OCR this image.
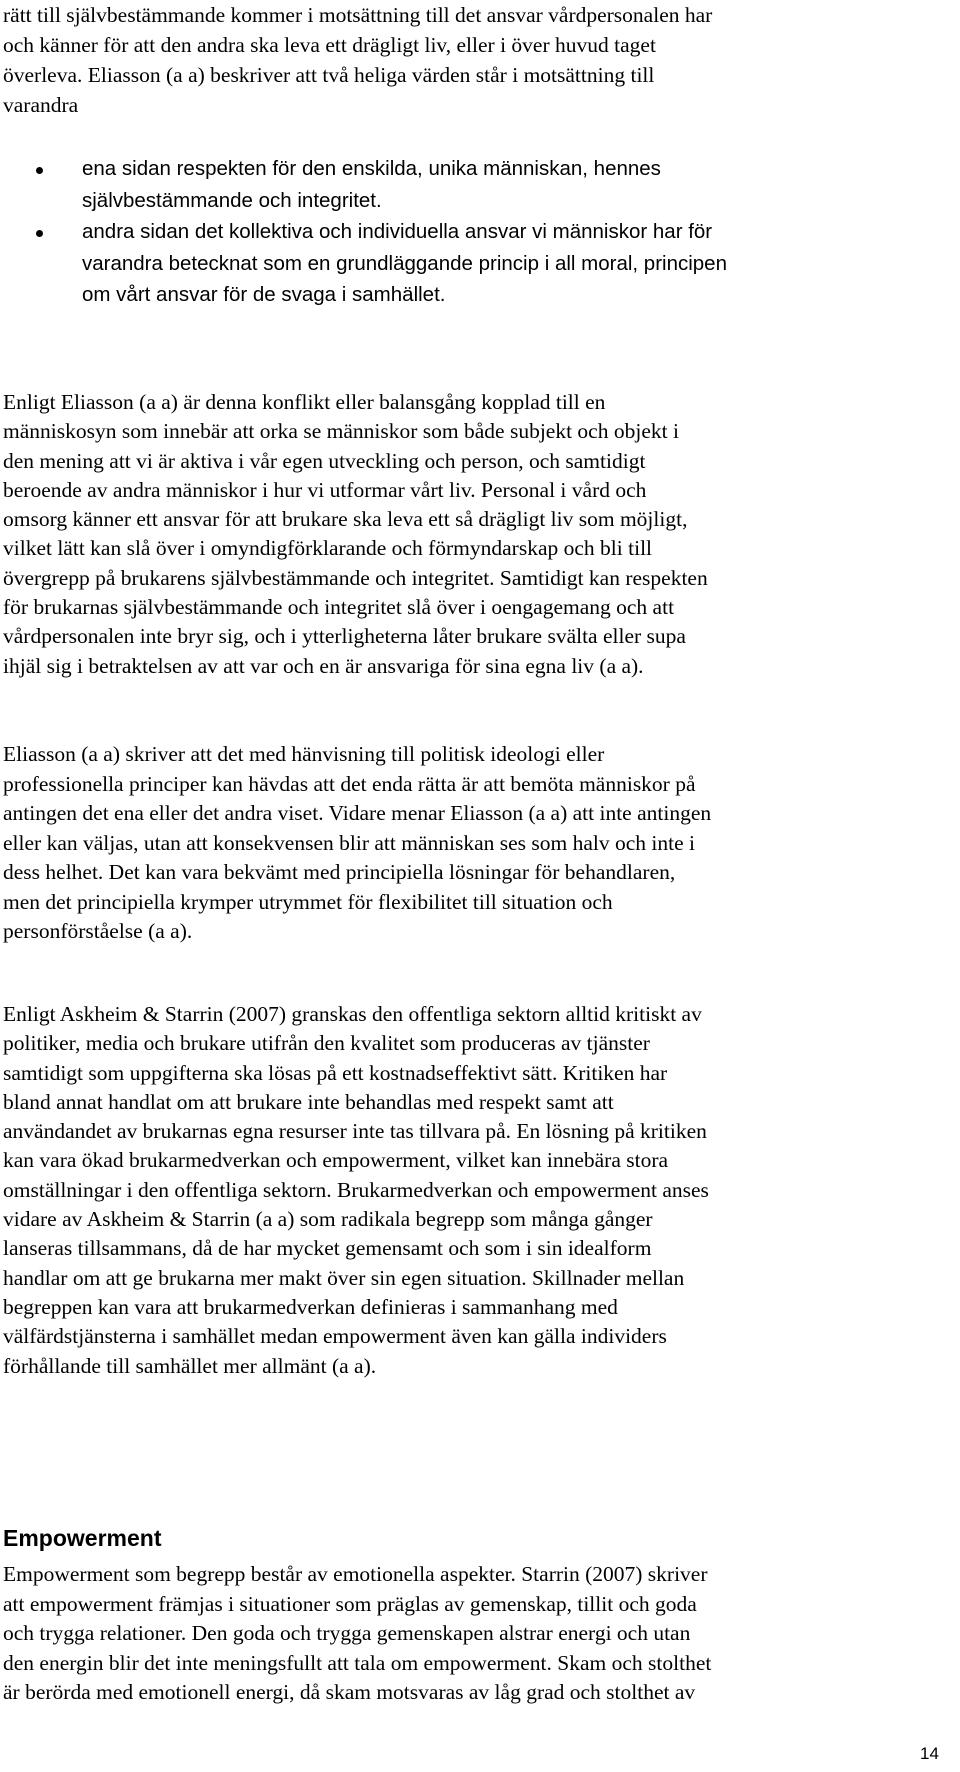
rätt till självbestämmande kommer i motsättning till det ansvar vårdpersonalen har
och känner för att den andra ska leva ett drägligt liv, eller i över huvud taget
överleva. Eliasson (a a) beskriver att två heliga värden står i motsättning till
varandra

ena sidan respekten för den enskilda, unika människan, hennes
självbestämmande och integritet.
andra sidan det kollektiva och individuella ansvar vi människor har för
varandra betecknat som en grundläggande princip i all moral, principen
om vårt ansvar för de svaga i samhället.

Enligt Eliasson (a a) är denna konflikt eller balansgång kopplad till en
människosyn som innebär att orka se människor som både subjekt och objekt i
den mening att vi är aktiva i vår egen utveckling och person, och samtidigt
beroende av andra människor i hur vi utformar vårt liv. Personal i vård och
omsorg känner ett ansvar för att brukare ska leva ett så drägligt liv som möjligt,
vilket lätt kan slå över i omyndigförklarande och förmyndarskap och bli till
övergrepp på brukarens självbestämmande och integritet. Samtidigt kan respekten
för brukarnas självbestämmande och integritet slå över i oengagemang och att
vårdpersonalen inte bryr sig, och i ytterligheterna låter brukare svälta eller supa
ihjäl sig i betraktelsen av att var och en är ansvariga för sina egna liv (a a).

Eliasson (a a) skriver att det med hänvisning till politisk ideologi eller
professionella principer kan hävdas att det enda rätta är att bemöta människor på
antingen det ena eller det andra viset. Vidare menar Eliasson (a a) att inte antingen
eller kan väljas, utan att konsekvensen blir att människan ses som halv och inte i
dess helhet. Det kan vara bekvämt med principiella lösningar för behandlaren,
men det principiella krymper utrymmet för flexibilitet till situation och
personförståelse (a a).

Enligt Askheim & Starrin (2007) granskas den offentliga sektorn alltid kritiskt av
politiker, media och brukare utifrån den kvalitet som produceras av tjänster
samtidigt som uppgifterna ska lösas på ett kostnadseffektivt sätt. Kritiken har
bland annat handlat om att brukare inte behandlas med respekt samt att
användandet av brukarnas egna resurser inte tas tillvara på. En lösning på kritiken
kan vara ökad brukarmedverkan och empowerment, vilket kan innebära stora
omställningar i den offentliga sektorn. Brukarmedverkan och empowerment anses
vidare av Askheim & Starrin (a a) som radikala begrepp som många gånger
lanseras tillsammans, då de har mycket gemensamt och som i sin idealform
handlar om att ge brukarna mer makt över sin egen situation. Skillnader mellan
begreppen kan vara att brukarmedverkan definieras i sammanhang med
välfärdstjänsterna i samhället medan empowerment även kan gälla individers
förhållande till samhället mer allmänt (a a).

Empowerment

Empowerment som begrepp består av emotionella aspekter. Starrin (2007) skriver
att empowerment främjas i situationer som präglas av gemenskap, tillit och goda
och trygga relationer. Den goda och trygga gemenskapen alstrar energi och utan
den energin blir det inte meningsfullt att tala om empowerment. Skam och stolthet
är berörda med emotionell energi, då skam motsvaras av låg grad och stolthet av

14
